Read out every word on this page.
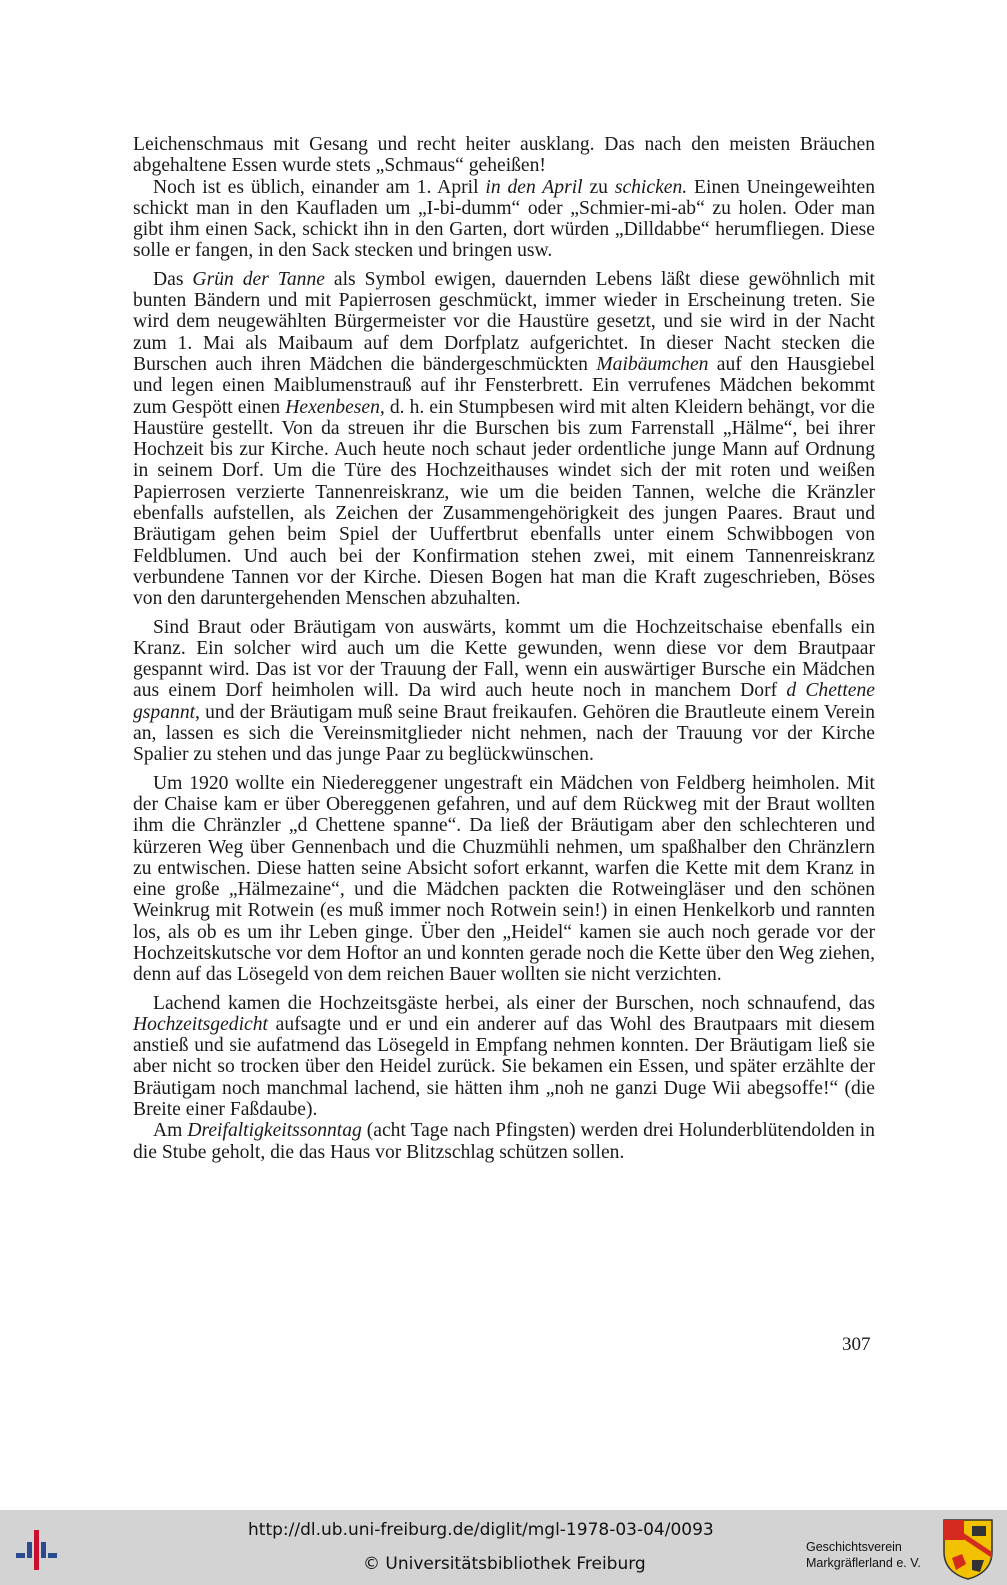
Leichenschmaus mit Gesang und recht heiter ausklang. Das nach den meisten Bräuchen abgehaltene Essen wurde stets „Schmaus“ geheißen!

Noch ist es üblich, einander am 1. April in den April zu schicken. Einen Uneingeweihten schickt man in den Kaufladen um „I-bi-dumm“ oder „Schmier-mi-ab“ zu holen. Oder man gibt ihm einen Sack, schickt ihn in den Garten, dort würden „Dilldabbe“ herumfliegen. Diese solle er fangen, in den Sack stecken und bringen usw.

Das Grün der Tanne als Symbol ewigen, dauernden Lebens läßt diese gewöhnlich mit bunten Bändern und mit Papierrosen geschmückt, immer wieder in Erscheinung treten. Sie wird dem neugewählten Bürgermeister vor die Haustüre gesetzt, und sie wird in der Nacht zum 1. Mai als Maibaum auf dem Dorfplatz aufgerichtet. In dieser Nacht stecken die Burschen auch ihren Mädchen die bändergeschmückten Maibäumchen auf den Hausgiebel und legen einen Maiblumenstrauß auf ihr Fensterbrett. Ein verrufenes Mädchen bekommt zum Gespött einen Hexenbesen, d. h. ein Stumpbesen wird mit alten Kleidern behängt, vor die Haustüre gestellt. Von da streuen ihr die Burschen bis zum Farrenstall „Hälme“, bei ihrer Hochzeit bis zur Kirche. Auch heute noch schaut jeder ordentliche junge Mann auf Ordnung in seinem Dorf. Um die Türe des Hochzeithauses windet sich der mit roten und weißen Papierrosen verzierte Tannenreiskranz, wie um die beiden Tannen, welche die Kränzler ebenfalls aufstellen, als Zeichen der Zusammengehörigkeit des jungen Paares. Braut und Bräutigam gehen beim Spiel der Uuffertbrut ebenfalls unter einem Schwibbogen von Feldblumen. Und auch bei der Konfirmation stehen zwei, mit einem Tannenreiskranz verbundene Tannen vor der Kirche. Diesen Bogen hat man die Kraft zugeschrieben, Böses von den daruntergehenden Menschen abzuhalten.

Sind Braut oder Bräutigam von auswärts, kommt um die Hochzeitschaise ebenfalls ein Kranz. Ein solcher wird auch um die Kette gewunden, wenn diese vor dem Brautpaar gespannt wird. Das ist vor der Trauung der Fall, wenn ein auswärtiger Bursche ein Mädchen aus einem Dorf heimholen will. Da wird auch heute noch in manchem Dorf d Chettene gspannt, und der Bräutigam muß seine Braut freikaufen. Gehören die Brautleute einem Verein an, lassen es sich die Vereinsmitglieder nicht nehmen, nach der Trauung vor der Kirche Spalier zu stehen und das junge Paar zu beglückwünschen.

Um 1920 wollte ein Niedereggener ungestraft ein Mädchen von Feldberg heimholen. Mit der Chaise kam er über Obereggenen gefahren, und auf dem Rückweg mit der Braut wollten ihm die Chränzler „d Chettene spanne“. Da ließ der Bräutigam aber den schlechteren und kürzeren Weg über Gennenbach und die Chuzmühli nehmen, um spaßhalber den Chränzlern zu entwischen. Diese hatten seine Absicht sofort erkannt, warfen die Kette mit dem Kranz in eine große „Hälmezaine“, und die Mädchen packten die Rotweingläser und den schönen Weinkrug mit Rotwein (es muß immer noch Rotwein sein!) in einen Henkelkorb und rannten los, als ob es um ihr Leben ginge. Über den „Heidel“ kamen sie auch noch gerade vor der Hochzeitskutsche vor dem Hoftor an und konnten gerade noch die Kette über den Weg ziehen, denn auf das Lösegeld von dem reichen Bauer wollten sie nicht verzichten.

Lachend kamen die Hochzeitsgäste herbei, als einer der Burschen, noch schnaufend, das Hochzeitsgedicht aufsagte und er und ein anderer auf das Wohl des Brautpaars mit diesem anstieß und sie aufatmend das Lösegeld in Empfang nehmen konnten. Der Bräutigam ließ sie aber nicht so trocken über den Heidel zurück. Sie bekamen ein Essen, und später erzählte der Bräutigam noch manchmal lachend, sie hätten ihm „noh ne ganzi Duge Wii abegsoffe!“ (die Breite einer Faßdaube).

Am Dreifaltigkeitssonntag (acht Tage nach Pfingsten) werden drei Holunderblütendolden in die Stube geholt, die das Haus vor Blitzschlag schützen sollen.

307
http://dl.ub.uni-freiburg.de/diglit/mgl-1978-03-04/0093
© Universitätsbibliothek Freiburg
Geschichtsverein
Markgräflerland e. V.
